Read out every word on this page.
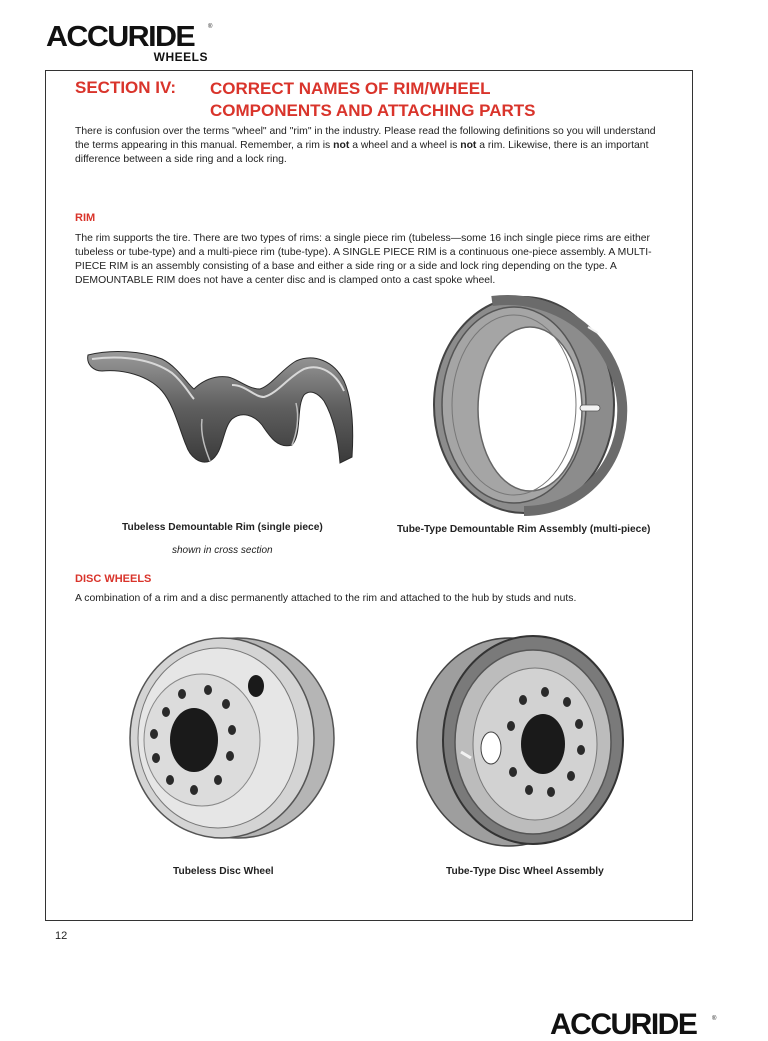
ACCURIDE ®
WHEELS
SECTION IV: CORRECT NAMES OF RIM/WHEEL
COMPONENTS AND ATTACHING PARTS
There is confusion over the terms "wheel" and "rim" in the industry. Please read the following definitions so you will understand
the terms appearing in this manual. Remember, a rim is not a wheel and a wheel is not a rim. Likewise, there is an important
difference between a side ring and a lock ring.
RIM
The rim supports the tire. There are two types of rims: a single piece rim (tubeless—some 16 inch single piece rims are either
tubeless or tube-type) and a multi-piece rim (tube-type). A SINGLE PIECE RIM is a continuous one-piece assembly. A MULTI-
PIECE RIM is an assembly consisting of a base and either a side ring or a side and lock ring depending on the type. A
DEMOUNTABLE RIM does not have a center disc and is clamped onto a cast spoke wheel.
Tubeless Demountable Rim (single piece)
shown in cross section
Tube-Type Demountable Rim Assembly (multi-piece)
DISC WHEELS
A combination of a rim and a disc permanently attached to the rim and attached to the hub by studs and nuts.
Tubeless Disc Wheel	Tube-Type Disc Wheel Assembly
12
ACCURIDE	®
